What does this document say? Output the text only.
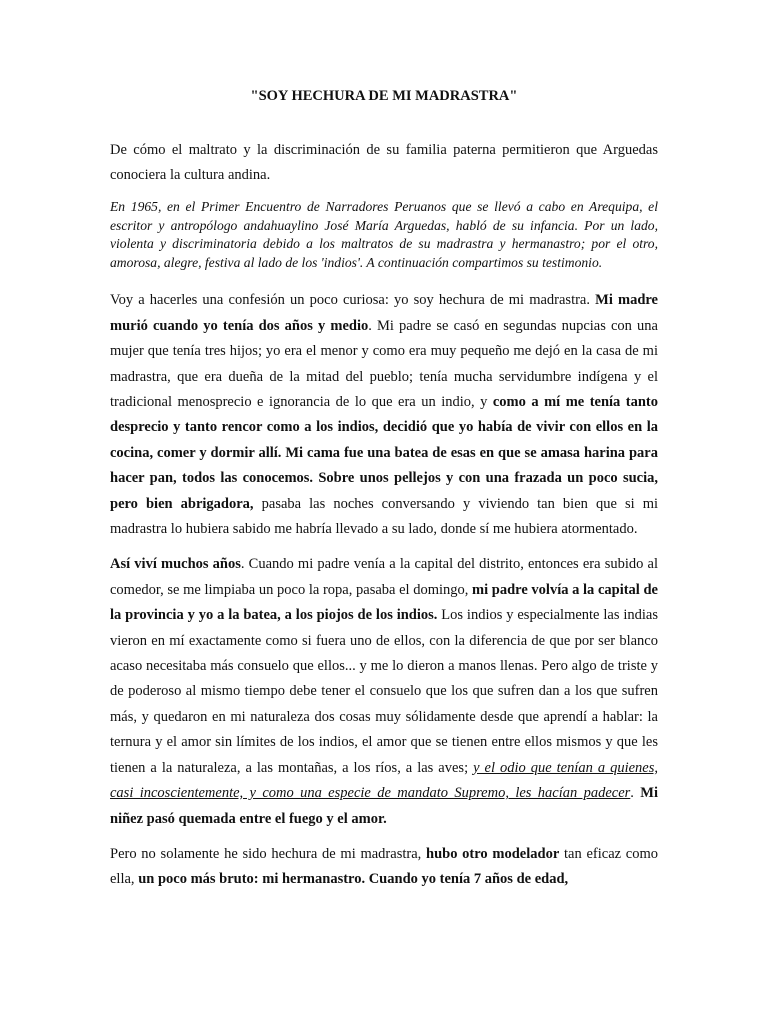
"SOY HECHURA DE MI MADRASTRA"

De cómo el maltrato y la discriminación de su familia paterna permitieron que Arguedas conociera la cultura andina.

En 1965, en el Primer Encuentro de Narradores Peruanos que se llevó a cabo en Arequipa, el escritor y antropólogo andahuaylino José María Arguedas, habló de su infancia. Por un lado, violenta y discriminatoria debido a los maltratos de su madrastra y hermanastro; por el otro, amorosa, alegre, festiva al lado de los 'indios'. A continuación compartimos su testimonio.

Voy a hacerles una confesión un poco curiosa: yo soy hechura de mi madrastra. Mi madre murió cuando yo tenía dos años y medio. Mi padre se casó en segundas nupcias con una mujer que tenía tres hijos; yo era el menor y como era muy pequeño me dejó en la casa de mi madrastra, que era dueña de la mitad del pueblo; tenía mucha servidumbre indígena y el tradicional menosprecio e ignorancia de lo que era un indio, y como a mí me tenía tanto desprecio y tanto rencor como a los indios, decidió que yo había de vivir con ellos en la cocina, comer y dormir allí. Mi cama fue una batea de esas en que se amasa harina para hacer pan, todos las conocemos. Sobre unos pellejos y con una frazada un poco sucia, pero bien abrigadora, pasaba las noches conversando y viviendo tan bien que si mi madrastra lo hubiera sabido me habría llevado a su lado, donde sí me hubiera atormentado.

Así viví muchos años. Cuando mi padre venía a la capital del distrito, entonces era subido al comedor, se me limpiaba un poco la ropa, pasaba el domingo, mi padre volvía a la capital de la provincia y yo a la batea, a los piojos de los indios. Los indios y especialmente las indias vieron en mí exactamente como si fuera uno de ellos, con la diferencia de que por ser blanco acaso necesitaba más consuelo que ellos... y me lo dieron a manos llenas. Pero algo de triste y de poderoso al mismo tiempo debe tener el consuelo que los que sufren dan a los que sufren más, y quedaron en mi naturaleza dos cosas muy sólidamente desde que aprendí a hablar: la ternura y el amor sin límites de los indios, el amor que se tienen entre ellos mismos y que les tienen a la naturaleza, a las montañas, a los ríos, a las aves; y el odio que tenían a quienes, casi incoscientemente, y como una especie de mandato Supremo, les hacían padecer. Mi niñez pasó quemada entre el fuego y el amor.

Pero no solamente he sido hechura de mi madrastra, hubo otro modelador tan eficaz como ella, un poco más bruto: mi hermanastro. Cuando yo tenía 7 años de edad,
